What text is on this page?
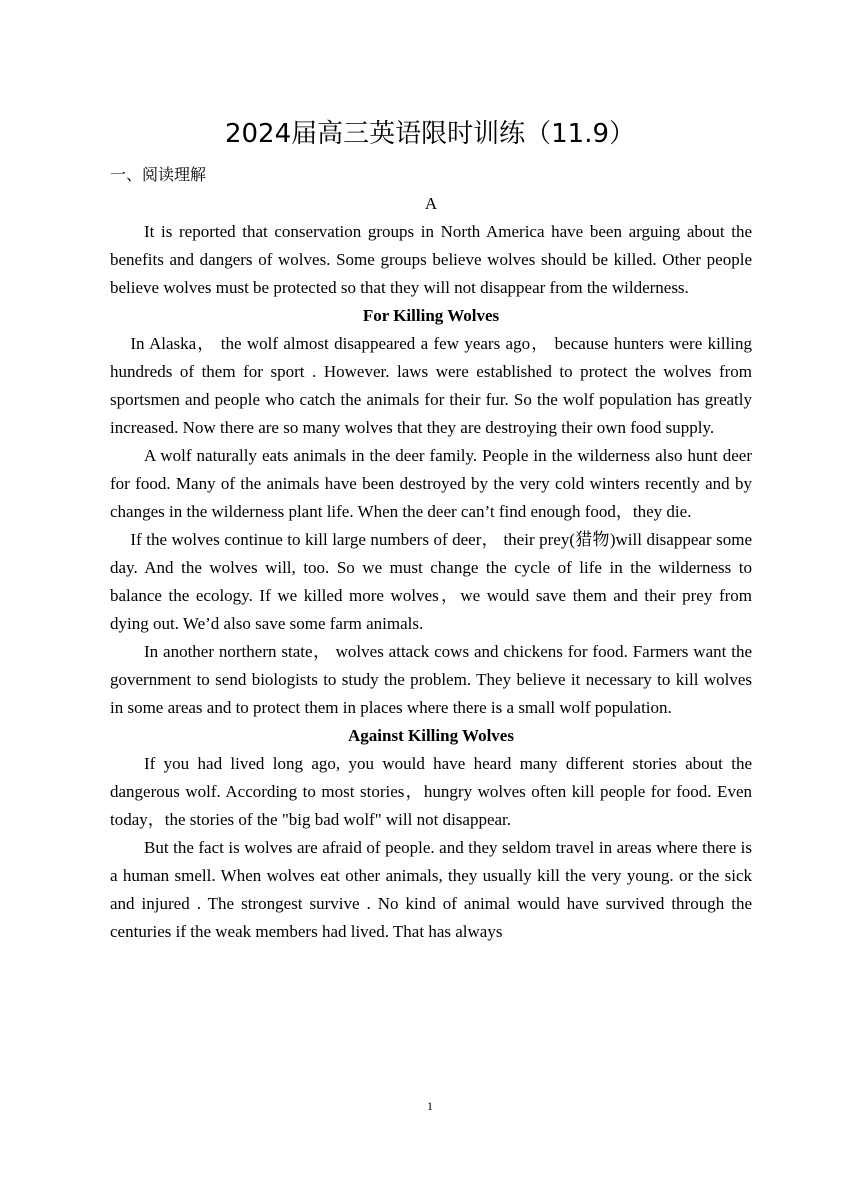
2024届高三英语限时训练（11.9）

一、阅读理解

A

It is reported that conservation groups in North America have been arguing about the benefits and dangers of wolves. Some groups believe wolves should be killed. Other people believe wolves must be protected so that they will not disappear from the wilderness.

For Killing Wolves

In Alaska， the wolf almost disappeared a few years ago， because hunters were killing hundreds of them for sport . However. laws were established to protect the wolves from sportsmen and people who catch the animals for their fur. So the wolf population has greatly increased. Now there are so many wolves that they are destroying their own food supply.

A wolf naturally eats animals in the deer family. People in the wilderness also hunt deer for food. Many of the animals have been destroyed by the very cold winters recently and by changes in the wilderness plant life. When the deer can’t find enough food，they die.

If the wolves continue to kill large numbers of deer， their prey(猎物)will disappear some day. And the wolves will, too. So we must change the cycle of life in the wilderness to balance the ecology. If we killed more wolves，we would save them and their prey from dying out. We’d also save some farm animals.

In another northern state， wolves attack cows and chickens for food. Farmers want the government to send biologists to study the problem. They believe it necessary to kill wolves in some areas and to protect them in places where there is a small wolf population.

Against Killing Wolves

If you had lived long ago, you would have heard many different stories about the dangerous wolf. According to most stories，hungry wolves often kill people for food. Even today，the stories of the "big bad wolf" will not disappear.

But the fact is wolves are afraid of people. and they seldom travel in areas where there is a human smell. When wolves eat other animals, they usually kill the very young. or the sick and injured . The strongest survive . No kind of animal would have survived through the centuries if the weak members had lived. That has always

1
